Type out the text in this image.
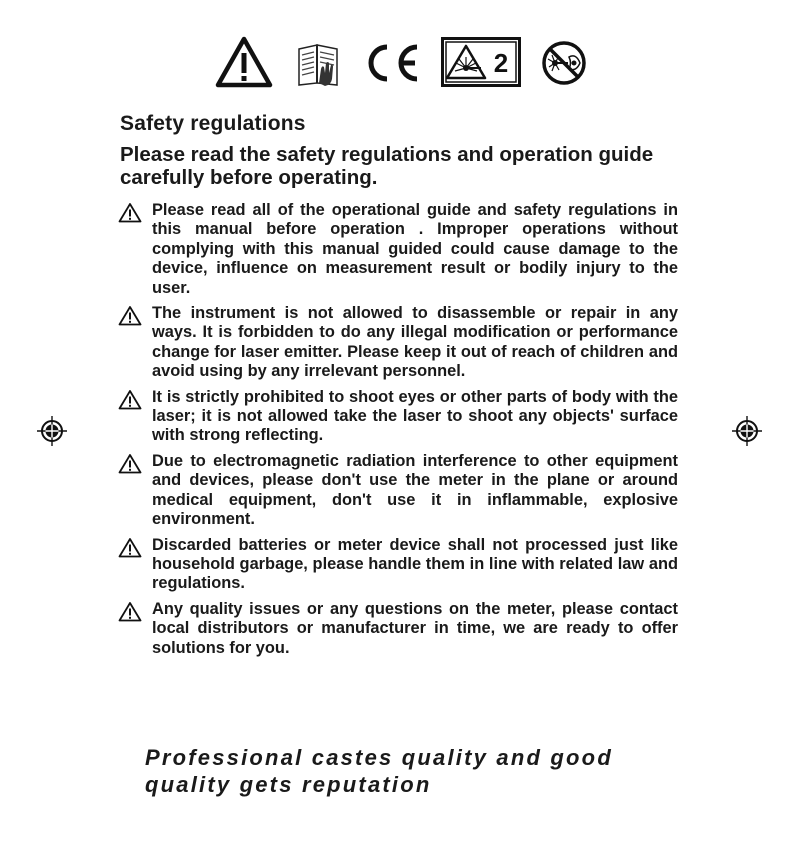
2
Safety regulations

Please read the safety regulations and operation guide carefully before operating.

Please read all of the operational guide and safety regulations in this manual before operation . Improper operations without complying with this manual guided could cause damage to the device, influence on measurement result or bodily injury to the user.
The instrument is not allowed to disassemble or repair in any ways. It is forbidden to do any illegal modification or performance change for laser emitter. Please keep it out of reach of children and avoid using by any irrelevant personnel.
It is strictly prohibited to shoot eyes or other parts of body with the laser; it is not allowed take the laser to shoot any objects' surface with strong reflecting.
Due to electromagnetic radiation interference to other equipment and devices, please don't use the meter in the plane or around medical equipment, don't use it in inflammable, explosive environment.
Discarded batteries or meter device shall not processed just like household garbage, please handle them in line with related law and regulations.
Any quality issues or any questions on the meter, please contact local distributors or manufacturer in time, we are ready to offer solutions for you.

Professional castes quality and good quality gets reputation
